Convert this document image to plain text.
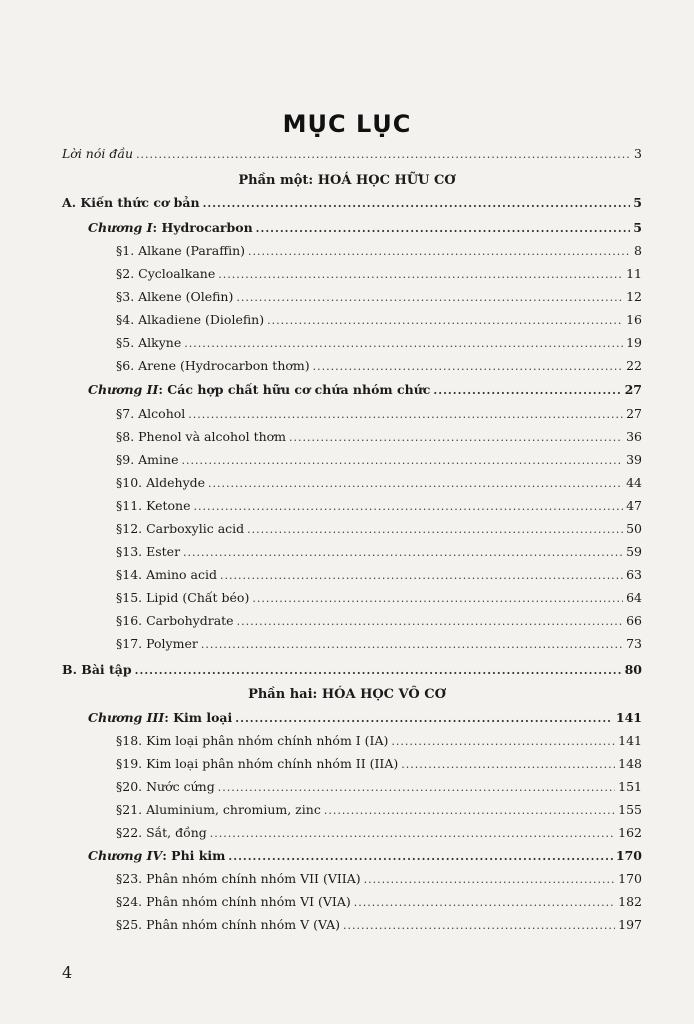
MỤC LỤC
Lời nói đầu .....	3
Phần một: HOÁ HỌC HỮU CƠ
A. Kiến thức cơ bản .....	5
Chương I: Hydrocarbon .....	5
§1. Alkane (Paraffin) .....	8
§2. Cycloalkane .....	11
§3. Alkene (Olefin) .....	12
§4. Alkadiene (Diolefin) .....	16
§5. Alkyne .....	19
§6. Arene (Hydrocarbon thơm) .....	22
Chương II: Các hợp chất hữu cơ chứa nhóm chức .....	27
§7. Alcohol .....	27
§8. Phenol và alcohol thơm .....	36
§9. Amine .....	39
§10. Aldehyde .....	44
§11. Ketone .....	47
§12. Carboxylic acid .....	50
§13. Ester .....	59
§14. Amino acid .....	63
§15. Lipid (Chất béo) .....	64
§16. Carbohydrate .....	66
§17. Polymer .....	73
B. Bài tập .....	80
Phần hai: HÓA HỌC VÔ CƠ
Chương III: Kim loại .....	141
§18. Kim loại phân nhóm chính nhóm I (IA) .....	141
§19. Kim loại phân nhóm chính nhóm II (IIA) .....	148
§20. Nước cứng .....	151
§21. Aluminium, chromium, zinc .....	155
§22. Sắt, đồng .....	162
Chương IV: Phi kim .....	170
§23. Phân nhóm chính nhóm VII (VIIA) .....	170
§24. Phân nhóm chính nhóm VI (VIA) .....	182
§25. Phân nhóm chính nhóm V (VA) .....	197
4
